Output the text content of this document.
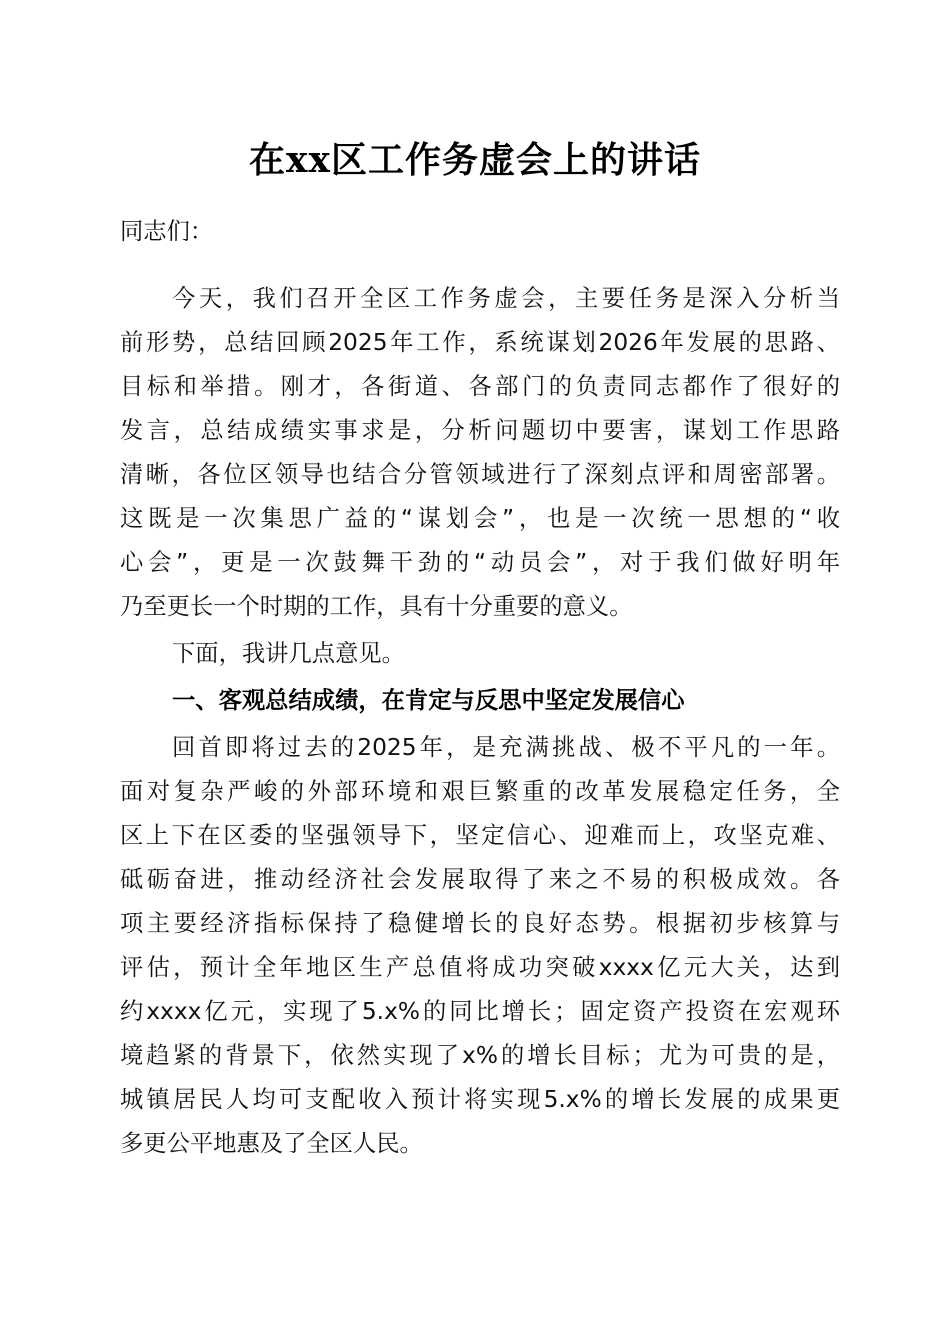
在xx区工作务虚会上的讲话
同志们：
今天，我们召开全区工作务虚会，主要任务是深入分析当
前形势，总结回顾2025年工作，系统谋划2026年发展的思路、
目标和举措。刚才，各街道、各部门的负责同志都作了很好的
发言，总结成绩实事求是，分析问题切中要害，谋划工作思路
清晰，各位区领导也结合分管领域进行了深刻点评和周密部署。
这既是一次集思广益的“谋划会”，也是一次统一思想的“收
心会”，更是一次鼓舞干劲的“动员会”，对于我们做好明年
乃至更长一个时期的工作，具有十分重要的意义。
下面，我讲几点意见。
一、客观总结成绩，在肯定与反思中坚定发展信心
回首即将过去的2025年，是充满挑战、极不平凡的一年。
面对复杂严峻的外部环境和艰巨繁重的改革发展稳定任务，全
区上下在区委的坚强领导下，坚定信心、迎难而上，攻坚克难、
砥砺奋进，推动经济社会发展取得了来之不易的积极成效。各
项主要经济指标保持了稳健增长的良好态势。根据初步核算与
评估，预计全年地区生产总值将成功突破xxxx亿元大关，达到
约xxxx亿元，实现了5.x%的同比增长；固定资产投资在宏观环
境趋紧的背景下，依然实现了x%的增长目标；尤为可贵的是，
城镇居民人均可支配收入预计将实现5.x%的增长发展的成果更
多更公平地惠及了全区人民。
